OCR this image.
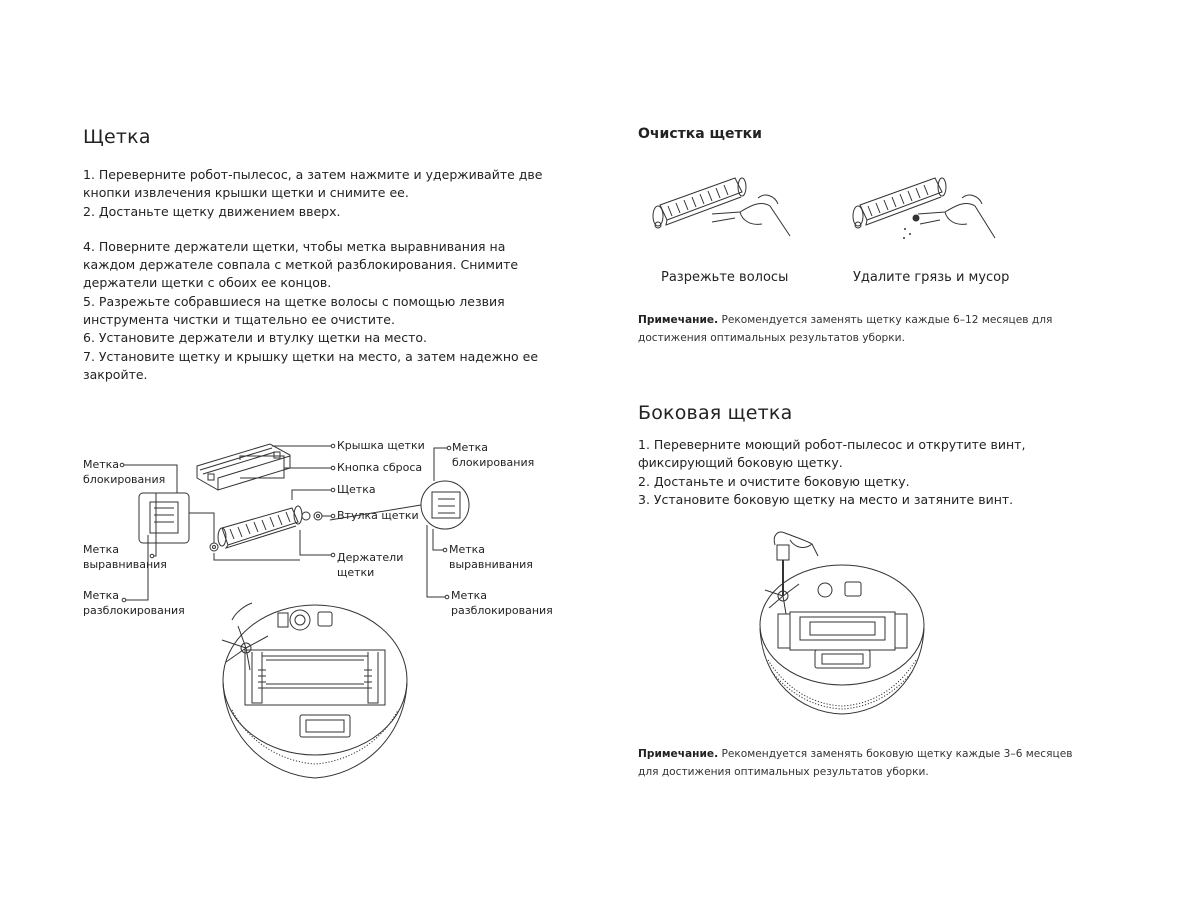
Щетка

1. Переверните робот-пылесос, а затем нажмите и удерживайте две кнопки извлечения крышки щетки и снимите ее.

2. Достаньте щетку движением вверх.

4. Поверните держатели щетки, чтобы метка выравнивания на каждом держателе совпала с меткой разблокирования. Снимите держатели щетки с обоих ее концов.

5. Разрежьте собравшиеся на щетке волосы с помощью лезвия инструмента чистки и тщательно ее очистите.

6. Установите держатели и втулку щетки на место.

7. Установите щетку и крышку щетки на место, а затем надежно ее закройте.

Метка блокирования
Метка выравнивания
Метка разблокирования
Крышка щетки
Кнопка сброса
Щетка
Втулка щетки
Держатели щетки
Метка блокирования
Метка выравнивания
Метка разблокирования
Очистка щетки
Разрежьте волосы	Удалите грязь и мусор
Примечание. Рекомендуется заменять щетку каждые 6–12 месяцев для достижения оптимальных результатов уборки.
Боковая щетка

1. Переверните моющий робот-пылесос и открутите винт, фиксирующий боковую щетку.

2. Достаньте и очистите боковую щетку.

3. Установите боковую щетку на место и затяните винт.

Примечание. Рекомендуется заменять боковую щетку каждые 3–6 месяцев для достижения оптимальных результатов уборки.
